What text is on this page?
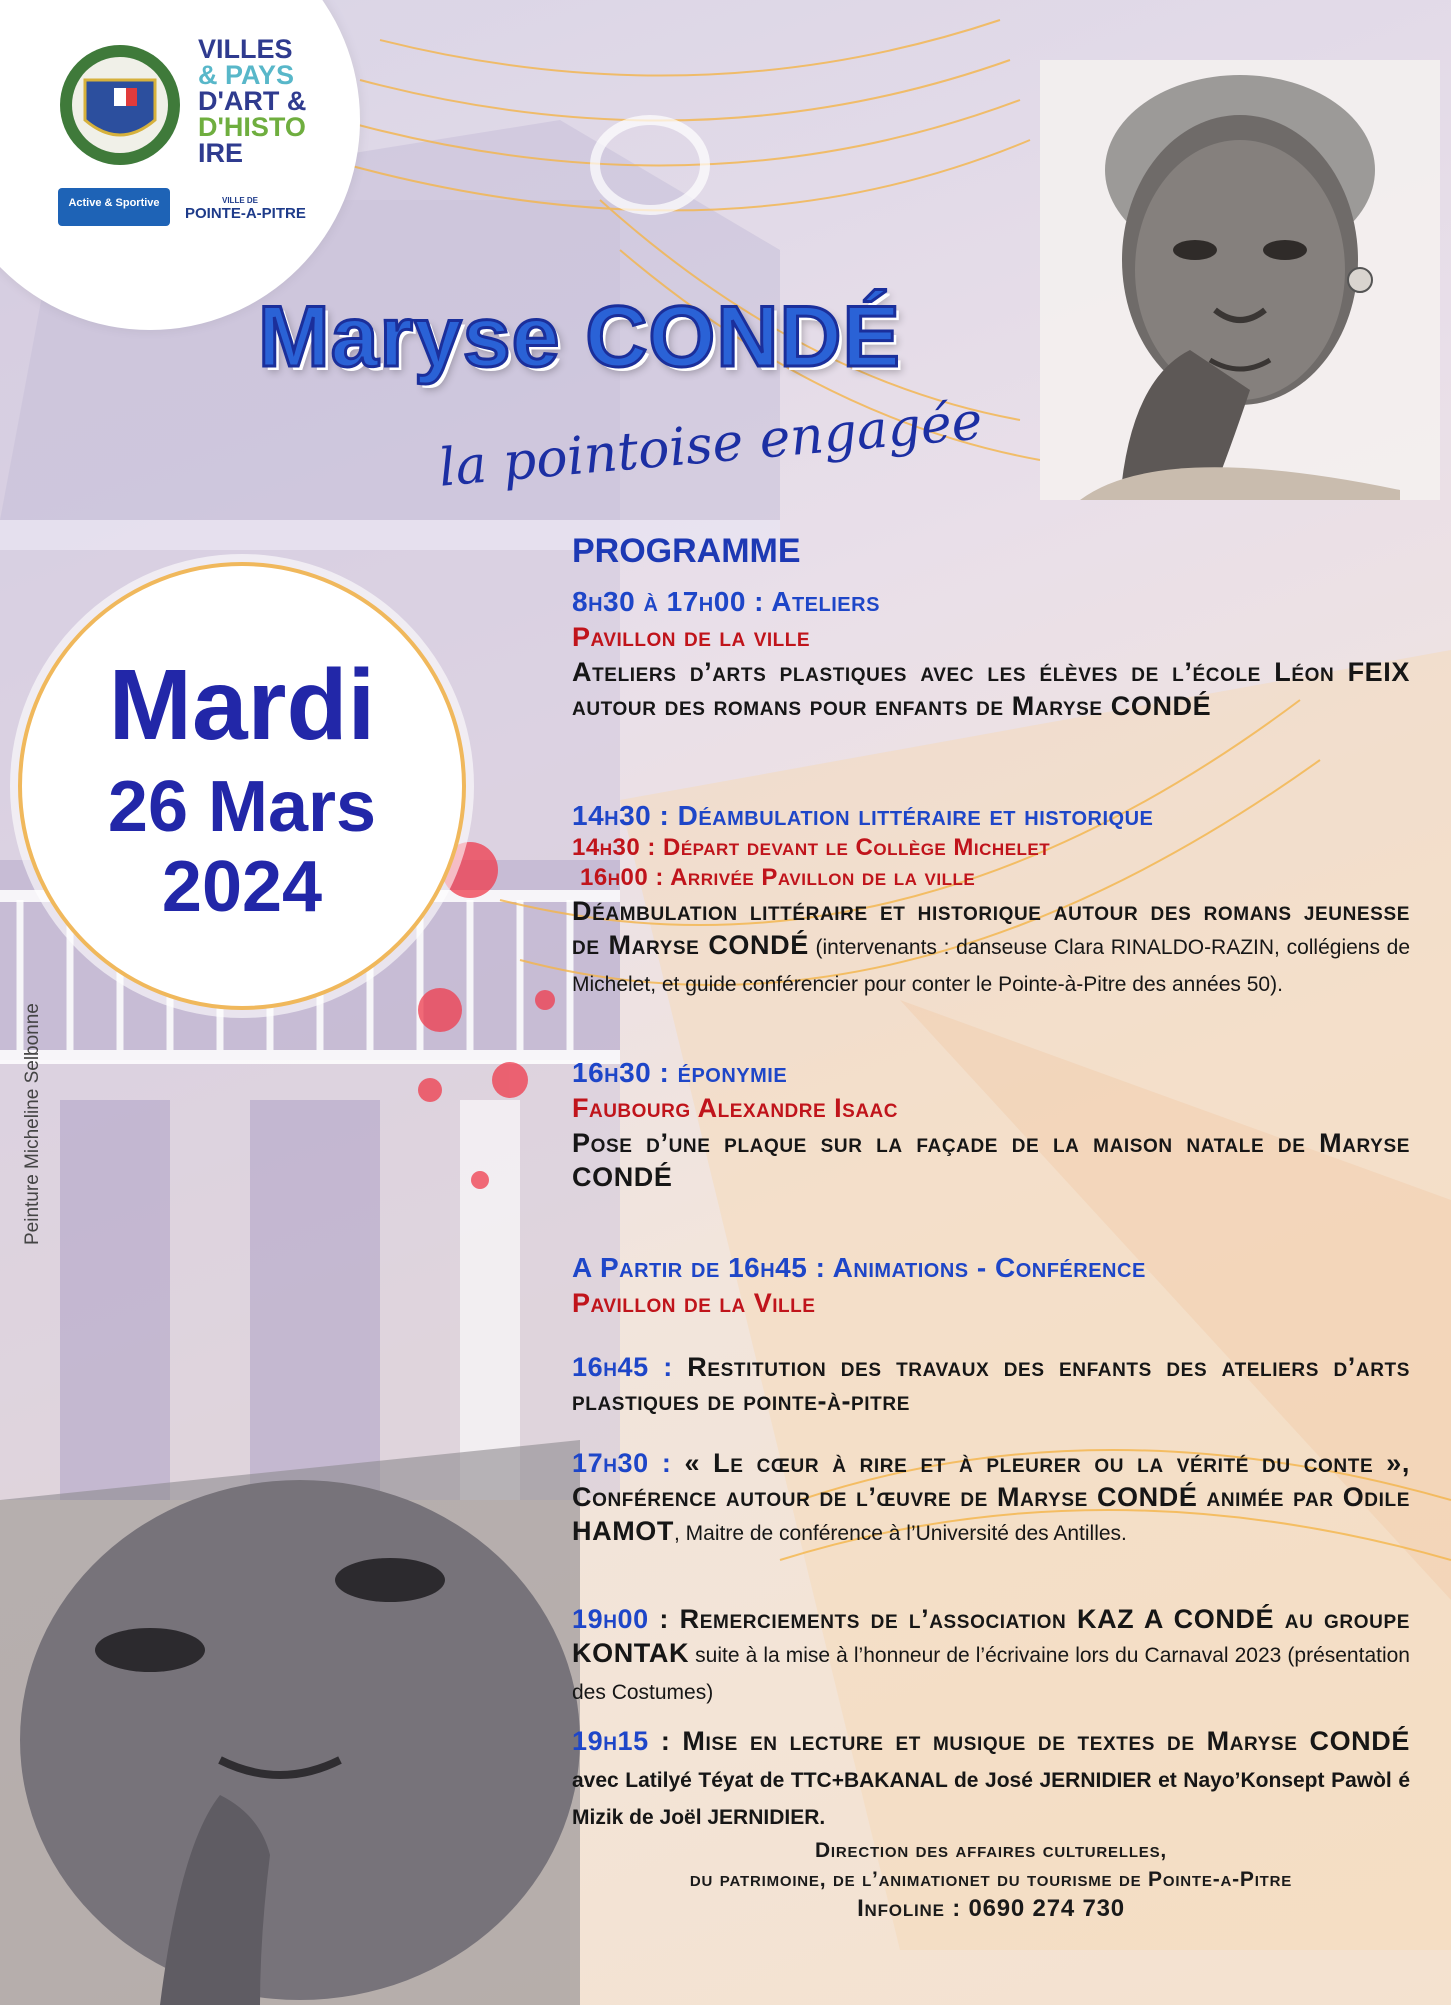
VILLES
& PAYS
D'ART &
D'HISTO
IRE
Active & Sportive	VILLE DE
POINTE-A-PITRE
Maryse CONDÉ
la pointoise engagée
Mardi
26 Mars
2024
Peinture Micheline Selbonne
PROGRAMME
8h30 à 17h00 : Ateliers
Pavillon de la ville
Ateliers d’arts plastiques avec les élèves de l’école Léon FEIX autour des romans pour enfants de Maryse CONDÉ
14h30 : Déambulation littéraire et historique
14h30 : Départ devant le Collège Michelet
16h00 : Arrivée Pavillon de la ville
Déambulation littéraire et historique autour des romans jeunesse de Maryse CONDÉ (intervenants : danseuse Clara RINALDO-RAZIN, collégiens de Michelet, et guide conférencier pour conter le Pointe-à-Pitre des années 50).
16h30 : éponymie
Faubourg Alexandre Isaac
Pose d’une plaque sur la façade de la maison natale de Maryse CONDÉ
A Partir de 16h45 : Animations - Conférence
Pavillon de la Ville
16h45 : Restitution des travaux des enfants des ateliers d’arts plastiques de pointe-à-pitre
17h30 : « Le cœur à rire et à pleurer ou la vérité du conte », Conférence autour de l’œuvre de Maryse CONDÉ animée par Odile HAMOT, Maitre de conférence à l’Université des Antilles.
19h00 : Remerciements de l’association KAZ A CONDÉ au groupe KONTAK suite à la mise à l’honneur de l’écrivaine lors du Carnaval 2023 (présentation des Costumes)
19h15 : Mise en lecture et musique de textes de Maryse CONDÉ avec Latilyé Téyat de TTC+BAKANAL de José JERNIDIER et Nayo’Konsept Pawòl é Mizik de Joël JERNIDIER.
Direction des affaires culturelles,
du patrimoine, de l’animationet du tourisme de Pointe-a-Pitre
Infoline : 0690 274 730
